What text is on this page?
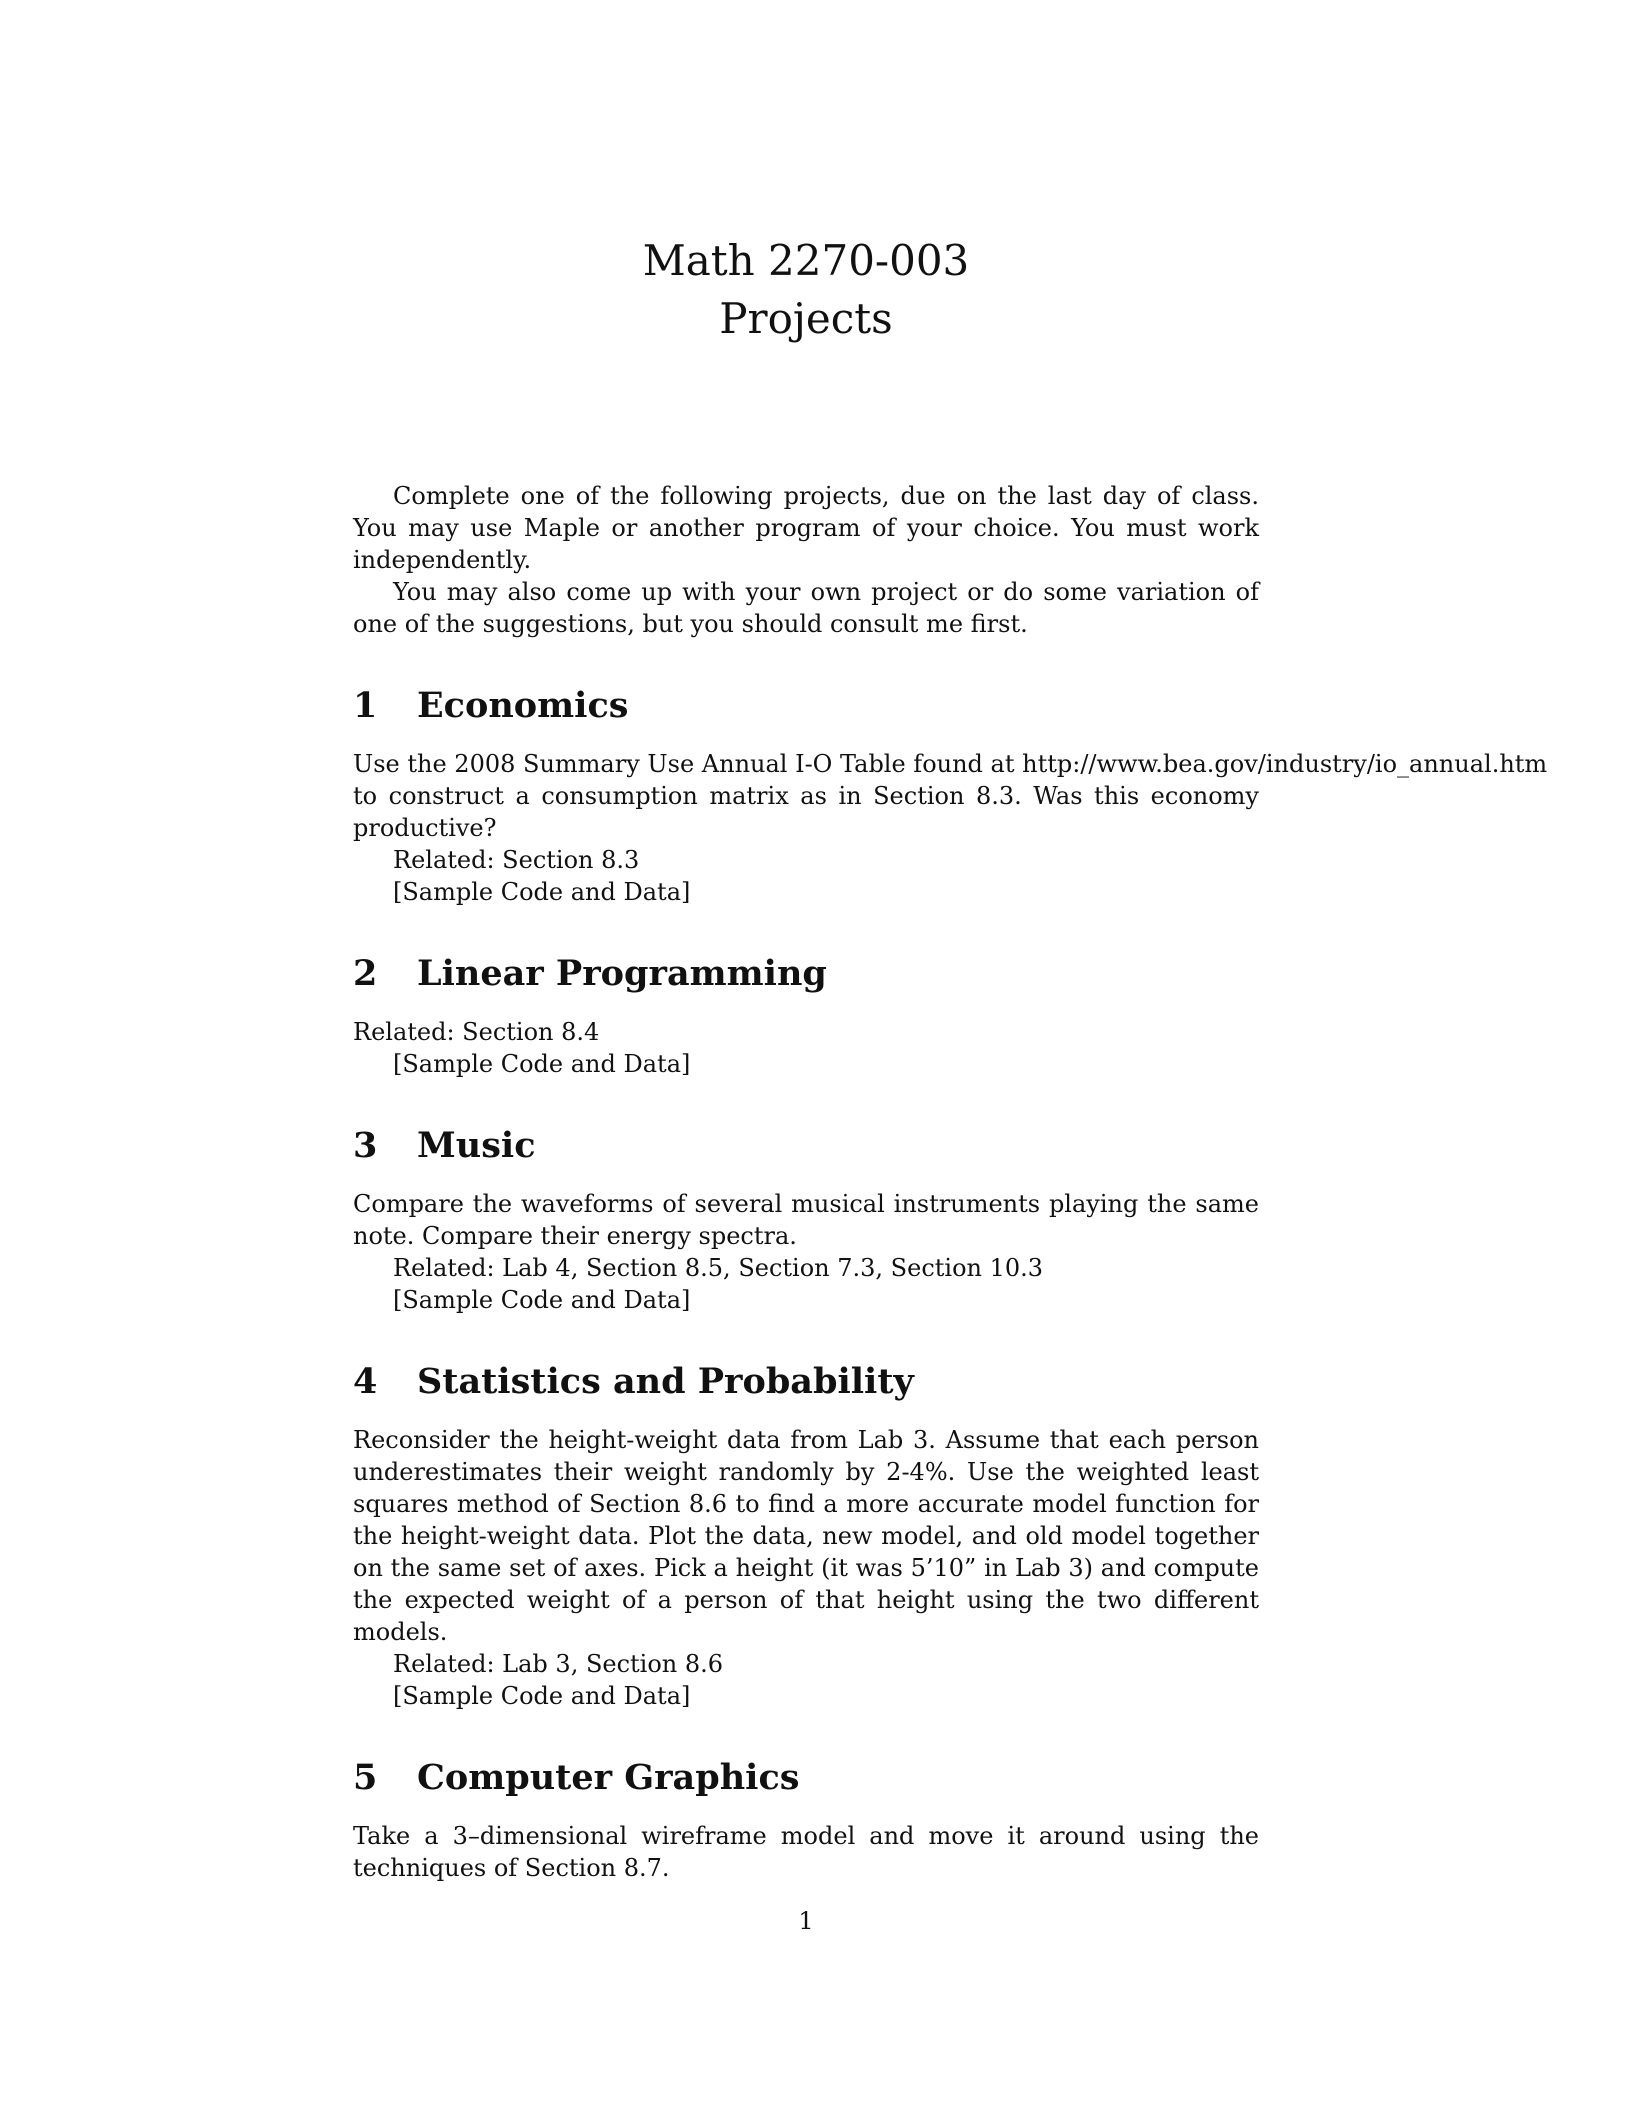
Math 2270-003
Projects

Complete one of the following projects, due on the last day of class. You may use Maple or another program of your choice. You must work independently.

You may also come up with your own project or do some variation of one of the suggestions, but you should consult me first.

1	Economics
Use the 2008 Summary Use Annual I-O Table found at http://www.bea.gov/industry/io_annual.htm

to construct a consumption matrix as in Section 8.3. Was this economy productive?

Related: Section 8.3
[Sample Code and Data]
2	Linear Programming

Related: Section 8.4

[Sample Code and Data]
3	Music

Compare the waveforms of several musical instruments playing the same note. Compare their energy spectra.

Related: Lab 4, Section 8.5, Section 7.3, Section 10.3
[Sample Code and Data]
4	Statistics and Probability

Reconsider the height-weight data from Lab 3. Assume that each person underestimates their weight randomly by 2-4%. Use the weighted least squares method of Section 8.6 to find a more accurate model function for the height-weight data. Plot the data, new model, and old model together on the same set of axes. Pick a height (it was 5’10” in Lab 3) and compute the expected weight of a person of that height using the two different models.

Related: Lab 3, Section 8.6
[Sample Code and Data]
5	Computer Graphics

Take a 3–dimensional wireframe model and move it around using the techniques of Section 8.7.

1
